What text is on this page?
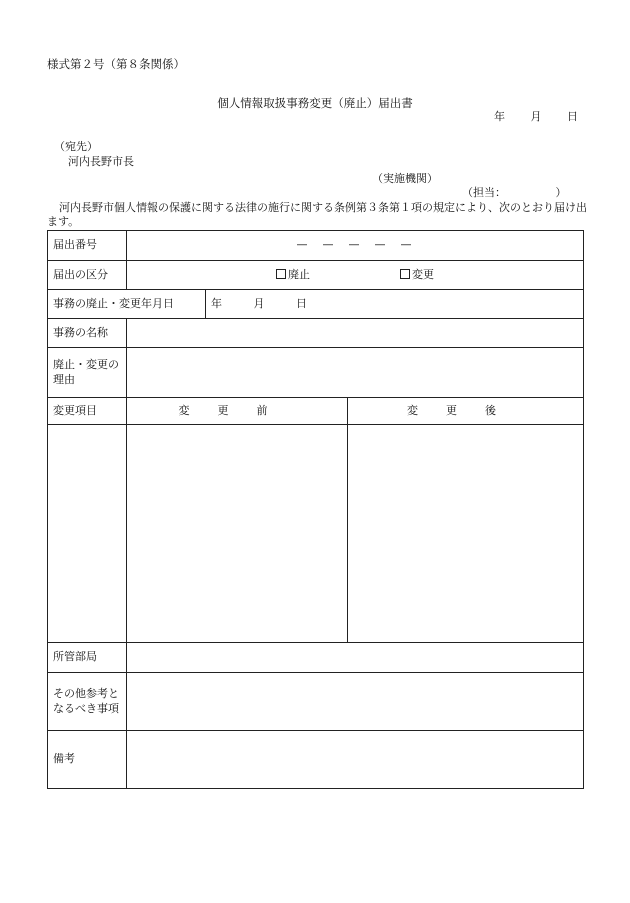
様式第２号（第８条関係）
個人情報取扱事務変更（廃止）届出書
年 月 日
（宛先）
河内長野市長
（実施機関）
（担当：　　　　　）
河内長野市個人情報の保護に関する法律の施行に関する条例第３条第１項の規定により、次のとおり届け出ます。
届出番号	—　—　—　—　—		
届出の区分	廃止 変更		

事務の廃止・変更年月日		年 月 日	
事務の名称			
廃止・変更の理由			
変更項目	変更前		変更後

所管部局			
その他参考となるべき事項			
備考			
